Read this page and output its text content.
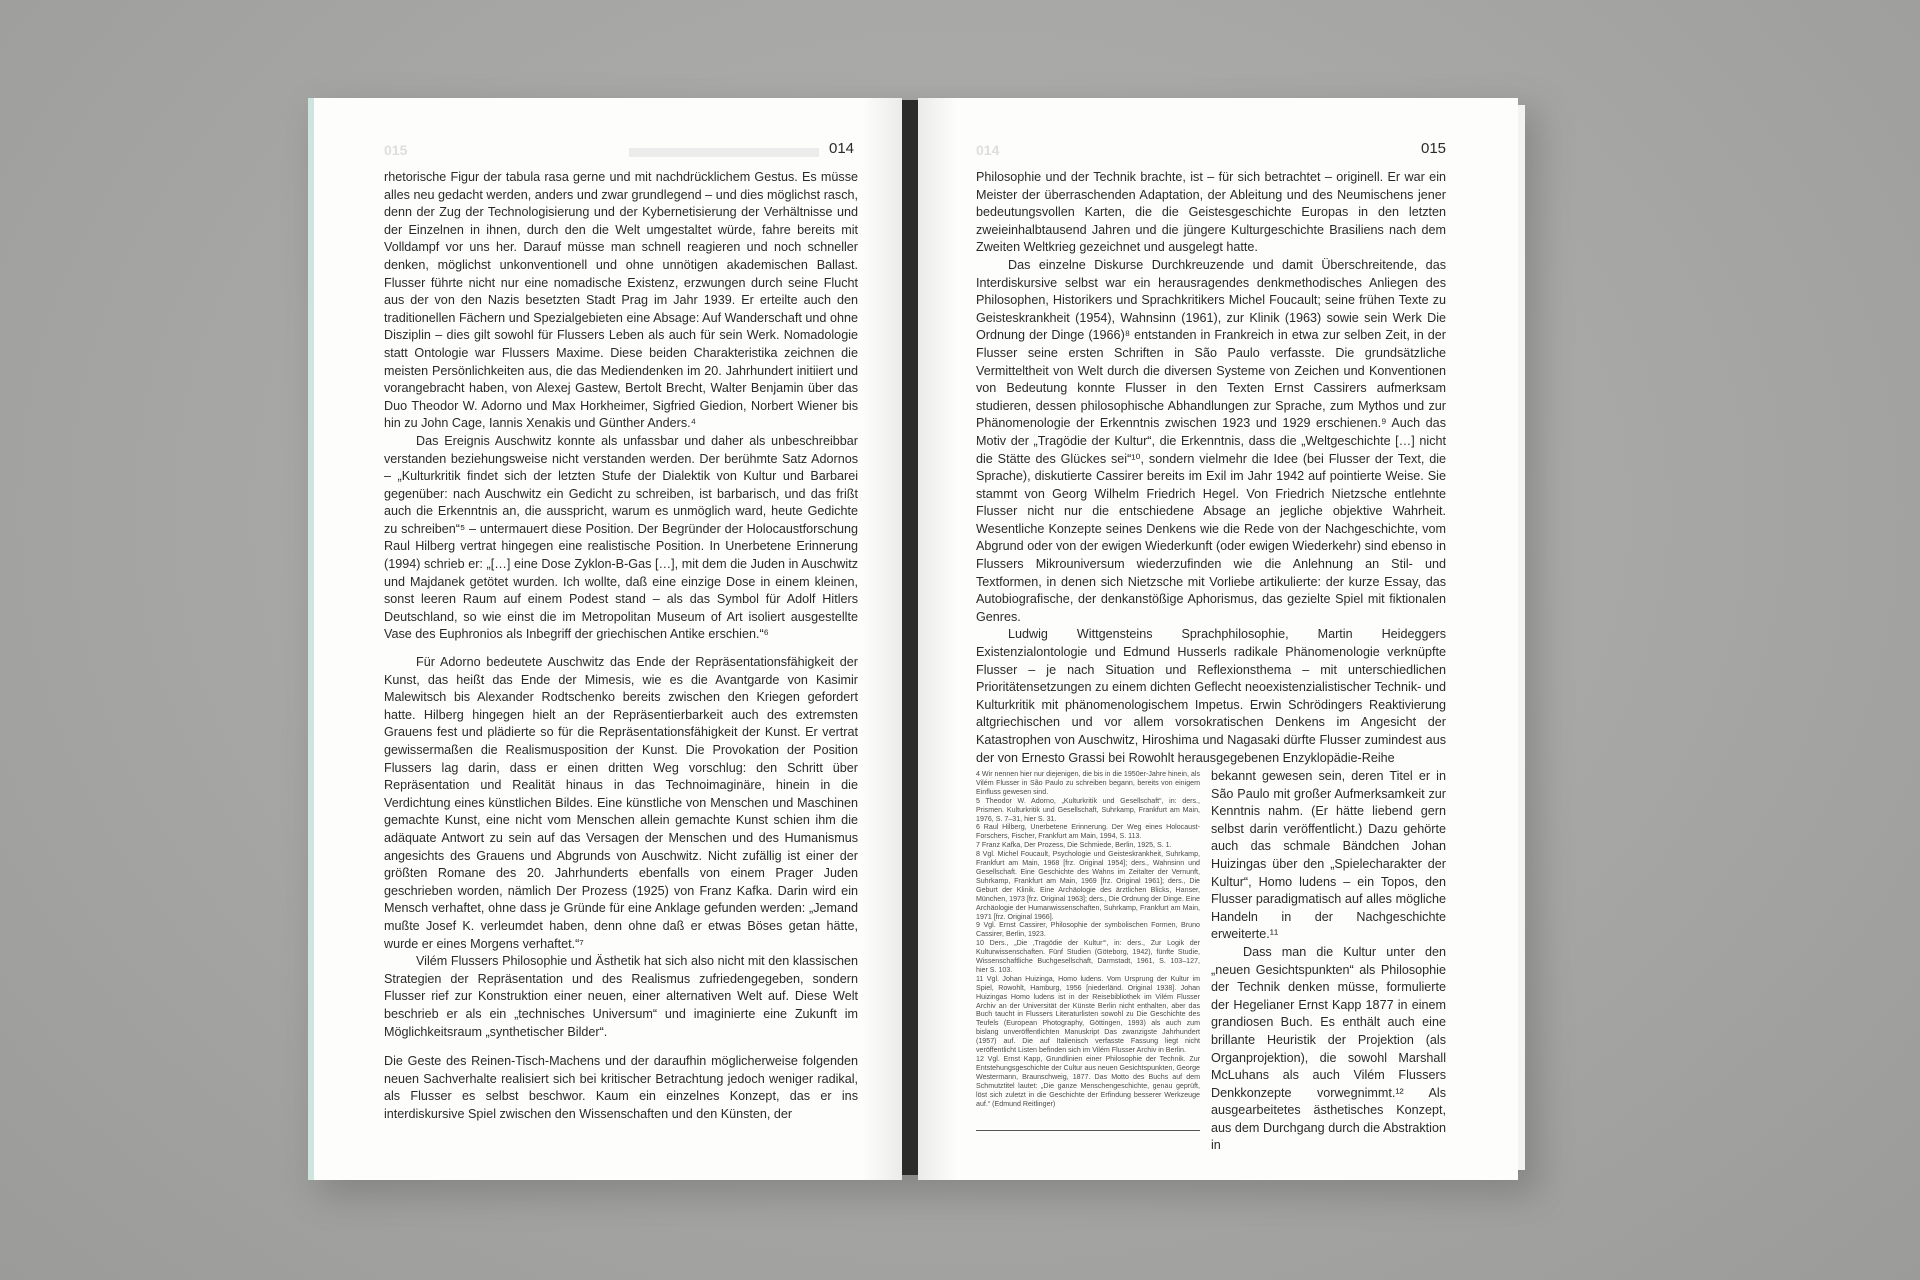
015	014

rhetorische Figur der tabula rasa gerne und mit nachdrücklichem Gestus. Es müsse alles neu gedacht werden, anders und zwar grundlegend – und dies möglichst rasch, denn der Zug der Technologisierung und der Kybernetisierung der Verhältnisse und der Einzelnen in ihnen, durch den die Welt umgestaltet würde, fahre bereits mit Volldampf vor uns her. Darauf müsse man schnell reagieren und noch schneller denken, möglichst unkonventionell und ohne unnötigen akademischen Ballast. Flusser führte nicht nur eine nomadische Existenz, erzwungen durch seine Flucht aus der von den Nazis besetzten Stadt Prag im Jahr 1939. Er erteilte auch den traditionellen Fächern und Spezialgebieten eine Absage: Auf Wanderschaft und ohne Disziplin – dies gilt sowohl für Flussers Leben als auch für sein Werk. Nomadologie statt Ontologie war Flussers Maxime. Diese beiden Charakteristika zeichnen die meisten Persönlichkeiten aus, die das Mediendenken im 20. Jahrhundert initiiert und vorangebracht haben, von Alexej Gastew, Bertolt Brecht, Walter Benjamin über das Duo Theodor W. Adorno und Max Horkheimer, Sigfried Giedion, Norbert Wiener bis hin zu John Cage, Iannis Xenakis und Günther Anders.⁴

Das Ereignis Auschwitz konnte als unfassbar und daher als unbeschreibbar verstanden beziehungsweise nicht verstanden werden. Der berühmte Satz Adornos – „Kulturkritik findet sich der letzten Stufe der Dialektik von Kultur und Barbarei gegenüber: nach Auschwitz ein Gedicht zu schreiben, ist barbarisch, und das frißt auch die Erkenntnis an, die ausspricht, warum es unmöglich ward, heute Gedichte zu schreiben“⁵ – untermauert diese Position. Der Begründer der Holocaustforschung Raul Hilberg vertrat hingegen eine realistische Position. In Unerbetene Erinnerung (1994) schrieb er: „[…] eine Dose Zyklon-B-Gas […], mit dem die Juden in Auschwitz und Majdanek getötet wurden. Ich wollte, daß eine einzige Dose in einem kleinen, sonst leeren Raum auf einem Podest stand – als das Symbol für Adolf Hitlers Deutschland, so wie einst die im Metropolitan Museum of Art isoliert ausgestellte Vase des Euphronios als Inbegriff der griechischen Antike erschien.“⁶

Für Adorno bedeutete Auschwitz das Ende der Repräsentationsfähigkeit der Kunst, das heißt das Ende der Mimesis, wie es die Avantgarde von Kasimir Malewitsch bis Alexander Rodtschenko bereits zwischen den Kriegen gefordert hatte. Hilberg hingegen hielt an der Repräsentierbarkeit auch des extremsten Grauens fest und plädierte so für die Repräsentationsfähigkeit der Kunst. Er vertrat gewissermaßen die Realismusposition der Kunst. Die Provokation der Position Flussers lag darin, dass er einen dritten Weg vorschlug: den Schritt über Repräsentation und Realität hinaus in das Technoimaginäre, hinein in die Verdichtung eines künstlichen Bildes. Eine künstliche von Menschen und Maschinen gemachte Kunst, eine nicht vom Menschen allein gemachte Kunst schien ihm die adäquate Antwort zu sein auf das Versagen der Menschen und des Humanismus angesichts des Grauens und Abgrunds von Auschwitz. Nicht zufällig ist einer der größten Romane des 20. Jahrhunderts ebenfalls von einem Prager Juden geschrieben worden, nämlich Der Prozess (1925) von Franz Kafka. Darin wird ein Mensch verhaftet, ohne dass je Gründe für eine Anklage gefunden werden: „Jemand mußte Josef K. verleumdet haben, denn ohne daß er etwas Böses getan hätte, wurde er eines Morgens verhaftet.“⁷

Vilém Flussers Philosophie und Ästhetik hat sich also nicht mit den klassischen Strategien der Repräsentation und des Realismus zufriedengegeben, sondern Flusser rief zur Konstruktion einer neuen, einer alternativen Welt auf. Diese Welt beschrieb er als ein „technisches Universum“ und imaginierte eine Zukunft im Möglichkeitsraum „synthetischer Bilder“.

Die Geste des Reinen-Tisch-Machens und der daraufhin möglicherweise folgenden neuen Sachverhalte realisiert sich bei kritischer Betrachtung jedoch weniger radikal, als Flusser es selbst beschwor. Kaum ein einzelnes Konzept, das er ins interdiskursive Spiel zwischen den Wissenschaften und den Künsten, der

014	015

Philosophie und der Technik brachte, ist – für sich betrachtet – originell. Er war ein Meister der überraschenden Adaptation, der Ableitung und des Neumischens jener bedeutungsvollen Karten, die die Geistesgeschichte Europas in den letzten zweieinhalbtausend Jahren und die jüngere Kulturgeschichte Brasiliens nach dem Zweiten Weltkrieg gezeichnet und ausgelegt hatte.

Das einzelne Diskurse Durchkreuzende und damit Überschreitende, das Interdiskursive selbst war ein herausragendes denkmethodisches Anliegen des Philosophen, Historikers und Sprachkritikers Michel Foucault; seine frühen Texte zu Geisteskrankheit (1954), Wahnsinn (1961), zur Klinik (1963) sowie sein Werk Die Ordnung der Dinge (1966)⁸ entstanden in Frankreich in etwa zur selben Zeit, in der Flusser seine ersten Schriften in São Paulo verfasste. Die grundsätzliche Vermitteltheit von Welt durch die diversen Systeme von Zeichen und Konventionen von Bedeutung konnte Flusser in den Texten Ernst Cassirers aufmerksam studieren, dessen philosophische Abhandlungen zur Sprache, zum Mythos und zur Phänomenologie der Erkenntnis zwischen 1923 und 1929 erschienen.⁹ Auch das Motiv der „Tragödie der Kultur“, die Erkenntnis, dass die „Weltgeschichte […] nicht die Stätte des Glückes sei“¹⁰, sondern vielmehr die Idee (bei Flusser der Text, die Sprache), diskutierte Cassirer bereits im Exil im Jahr 1942 auf pointierte Weise. Sie stammt von Georg Wilhelm Friedrich Hegel. Von Friedrich Nietzsche entlehnte Flusser nicht nur die entschiedene Absage an jegliche objektive Wahrheit. Wesentliche Konzepte seines Denkens wie die Rede von der Nachgeschichte, vom Abgrund oder von der ewigen Wiederkunft (oder ewigen Wiederkehr) sind ebenso in Flussers Mikrouniversum wiederzufinden wie die Anlehnung an Stil- und Textformen, in denen sich Nietzsche mit Vorliebe artikulierte: der kurze Essay, das Autobiografische, der denkanstößige Aphorismus, das gezielte Spiel mit fiktionalen Genres.

Ludwig Wittgensteins Sprachphilosophie, Martin Heideggers Existenzialontologie und Edmund Husserls radikale Phänomenologie verknüpfte Flusser – je nach Situation und Reflexionsthema – mit unterschiedlichen Prioritätensetzungen zu einem dichten Geflecht neoexistenzialistischer Technik- und Kulturkritik mit phänomenologischem Impetus. Erwin Schrödingers Reaktivierung altgriechischen und vor allem vorsokratischen Denkens im Angesicht der Katastrophen von Auschwitz, Hiroshima und Nagasaki dürfte Flusser zumindest aus der von Ernesto Grassi bei Rowohlt herausgegebenen Enzyklopädie-Reihe

4 Wir nennen hier nur diejenigen, die bis in die 1950er-Jahre hinein, als Vilém Flusser in São Paulo zu schreiben begann, bereits von einigem Einfluss gewesen sind.

5 Theodor W. Adorno, „Kulturkritik und Gesellschaft“, in: ders., Prismen. Kulturkritik und Gesellschaft, Suhrkamp, Frankfurt am Main, 1976, S. 7–31, hier S. 31.

6 Raul Hilberg, Unerbetene Erinnerung. Der Weg eines Holocaust-Forschers, Fischer, Frankfurt am Main, 1994, S. 113.

7 Franz Kafka, Der Prozess, Die Schmiede, Berlin, 1925, S. 1.

8 Vgl. Michel Foucault, Psychologie und Geisteskrankheit, Suhrkamp, Frankfurt am Main, 1968 [frz. Original 1954]; ders., Wahnsinn und Gesellschaft. Eine Geschichte des Wahns im Zeitalter der Vernunft, Suhrkamp, Frankfurt am Main, 1969 [frz. Original 1961]; ders., Die Geburt der Klinik. Eine Archäologie des ärztlichen Blicks, Hanser, München, 1973 [frz. Original 1963]; ders., Die Ordnung der Dinge. Eine Archäologie der Humanwissenschaften, Suhrkamp, Frankfurt am Main, 1971 [frz. Original 1966].

9 Vgl. Ernst Cassirer, Philosophie der symbolischen Formen, Bruno Cassirer, Berlin, 1923.

10 Ders., „Die ‚Tragödie der Kultur‘“, in: ders., Zur Logik der Kulturwissenschaften. Fünf Studien (Göteborg, 1942), fünfte Studie, Wissenschaftliche Buchgesellschaft, Darmstadt, 1961, S. 103–127, hier S. 103.

11 Vgl. Johan Huizinga, Homo ludens. Vom Ursprung der Kultur im Spiel, Rowohlt, Hamburg, 1956 [niederländ. Original 1938]. Johan Huizingas Homo ludens ist in der Reisebibliothek im Vilém Flusser Archiv an der Universität der Künste Berlin nicht enthalten, aber das Buch taucht in Flussers Literaturlisten sowohl zu Die Geschichte des Teufels (European Photography, Göttingen, 1993) als auch zum bislang unveröffentlichten Manuskript Das zwanzigste Jahrhundert (1957) auf. Die auf Italienisch verfasste Fassung liegt nicht veröffentlicht Listen befinden sich im Vilém Flusser Archiv in Berlin.

12 Vgl. Ernst Kapp, Grundlinien einer Philosophie der Technik. Zur Entstehungsgeschichte der Cultur aus neuen Gesichtspunkten, George Westermann, Braunschweig, 1877. Das Motto des Buchs auf dem Schmutztitel lautet: „Die ganze Menschengeschichte, genau geprüft, löst sich zuletzt in die Geschichte der Erfindung besserer Werkzeuge auf.“ (Edmund Reitlinger)

bekannt gewesen sein, deren Titel er in São Paulo mit großer Aufmerksamkeit zur Kenntnis nahm. (Er hätte liebend gern selbst darin veröffentlicht.) Dazu gehörte auch das schmale Bändchen Johan Huizingas über den „Spielecharakter der Kultur“, Homo ludens – ein Topos, den Flusser paradigmatisch auf alles mögliche Handeln in der Nachgeschichte erweiterte.¹¹

Dass man die Kultur unter den „neuen Gesichtspunkten“ als Philosophie der Technik denken müsse, formulierte der Hegelianer Ernst Kapp 1877 in einem grandiosen Buch. Es enthält auch eine brillante Heuristik der Projektion (als Organprojektion), die sowohl Marshall McLuhans als auch Vilém Flussers Denkkonzepte vorwegnimmt.¹² Als ausgearbeitetes ästhetisches Konzept, aus dem Durchgang durch die Abstraktion in
